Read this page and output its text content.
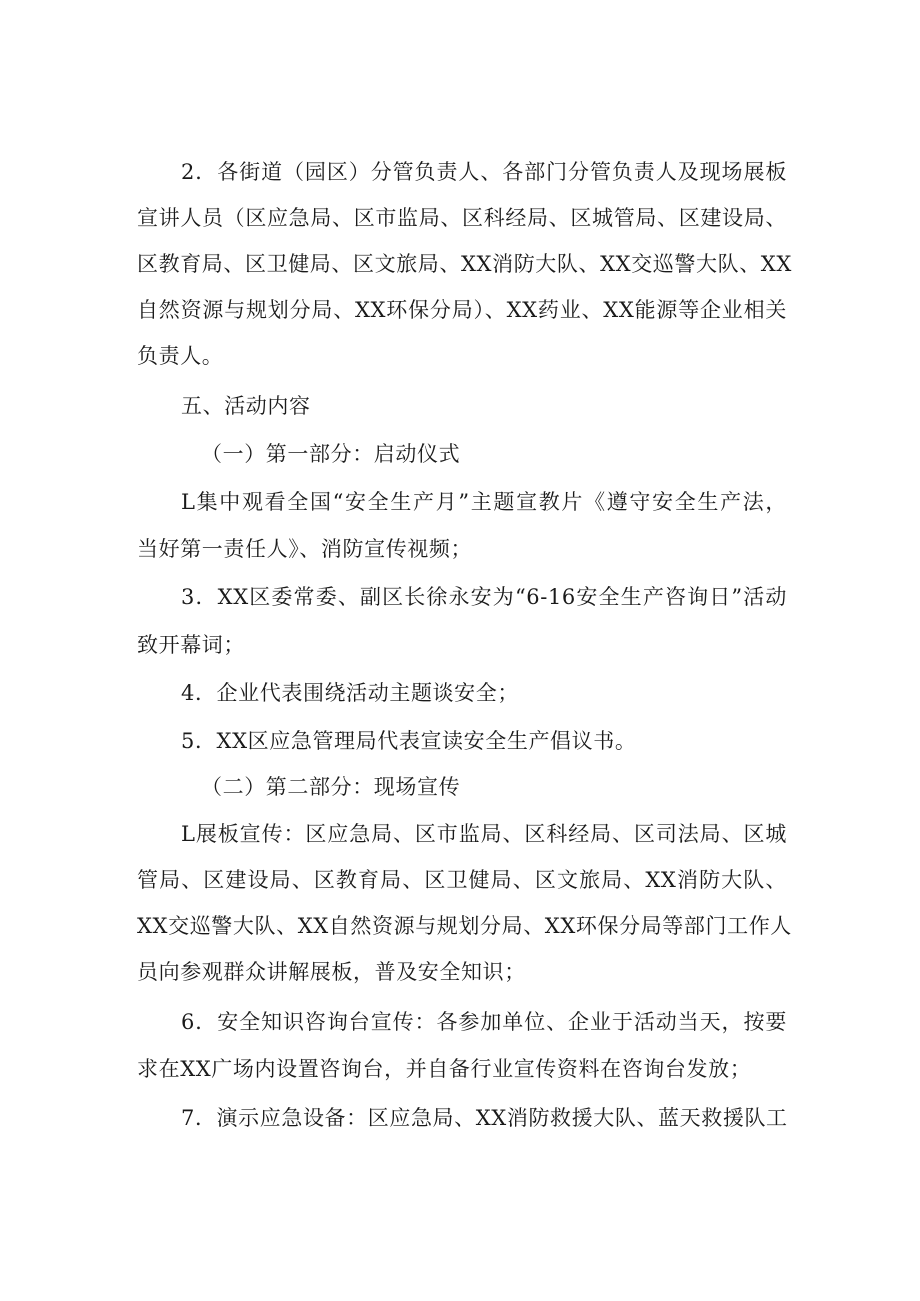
2．各街道（园区）分管负责人、各部门分管负责人及现场展板

宣讲人员（区应急局、区市监局、区科经局、区城管局、区建设局、

区教育局、区卫健局、区文旅局、XX消防大队、XX交巡警大队、XX

自然资源与规划分局、XX环保分局）、XX药业、XX能源等企业相关

负责人。

五、活动内容

（一）第一部分：启动仪式

L集中观看全国“安全生产月”主题宣教片《遵守安全生产法，

当好第一责任人》、消防宣传视频；

3．XX区委常委、副区长徐永安为“6-16安全生产咨询日”活动

致开幕词；

4．企业代表围绕活动主题谈安全；

5．XX区应急管理局代表宣读安全生产倡议书。

（二）第二部分：现场宣传

L展板宣传：区应急局、区市监局、区科经局、区司法局、区城

管局、区建设局、区教育局、区卫健局、区文旅局、XX消防大队、

XX交巡警大队、XX自然资源与规划分局、XX环保分局等部门工作人

员向参观群众讲解展板，普及安全知识；

6．安全知识咨询台宣传：各参加单位、企业于活动当天，按要

求在XX广场内设置咨询台，并自备行业宣传资料在咨询台发放；

7．演示应急设备：区应急局、XX消防救援大队、蓝天救援队工
